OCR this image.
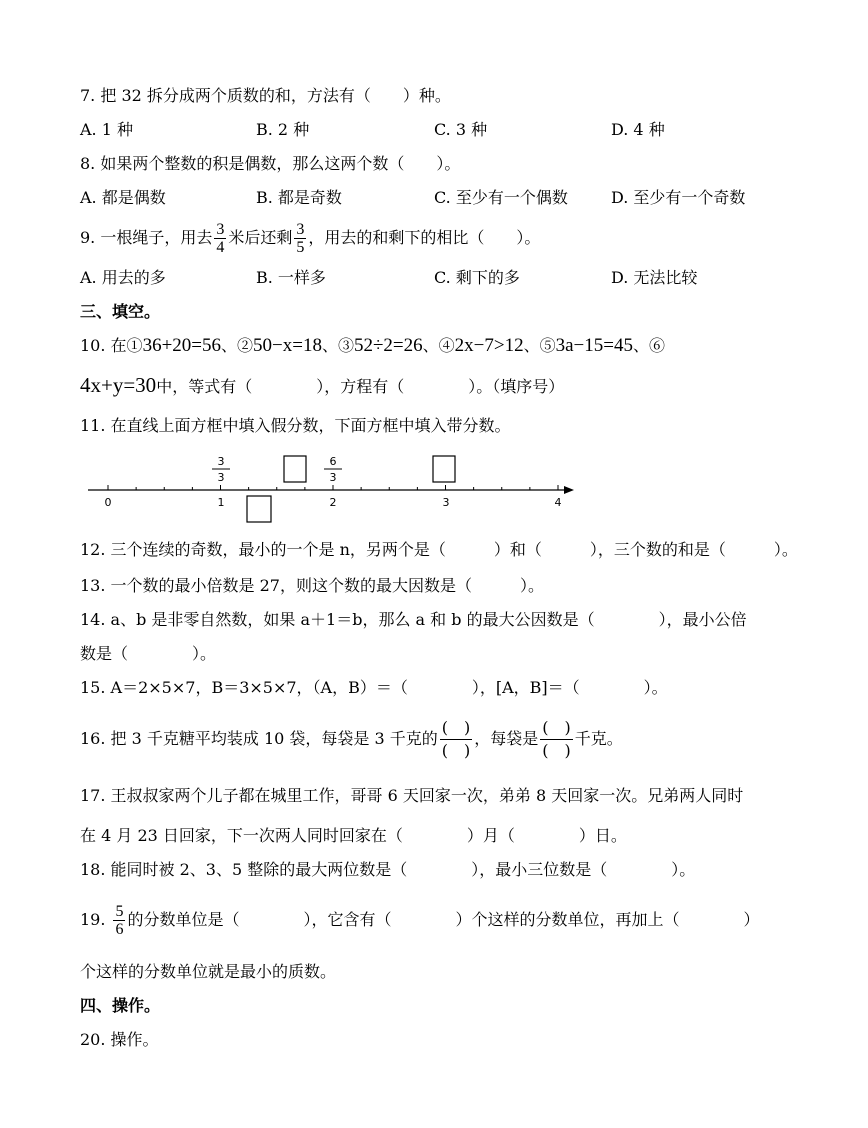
7. 把 32 拆分成两个质数的和，方法有（　　）种。
A. 1 种	B. 2 种	C. 3 种	D. 4 种
8. 如果两个整数的积是偶数，那么这两个数（　　）。
A. 都是偶数	B. 都是奇数	C. 至少有一个偶数	D. 至少有一个奇数
9. 一根绳子，用去 $\frac{3}{4}$ 米后还剩 $\frac{3}{5}$ ，用去的和剩下的相比（　　）。
A. 用去的多	B. 一样多	C. 剩下的多	D. 无法比较
三、填空。
10. 在①36+20=56、②50−x=18、③52÷2=26、④2x−7>12、⑤3a−15=45、⑥
4x+y=30中，等式有（　　　　），方程有（　　　　）。（填序号）
11. 在直线上面方框中填入假分数，下面方框中填入带分数。
0	1	2	3	4
3
3
6
3
12. 三个连续的奇数，最小的一个是 n，另两个是（　　　）和（　　　），三个数的和是（　　　）。
13. 一个数的最小倍数是 27，则这个数的最大因数是（　　　）。
14. a、b 是非零自然数，如果 a＋1＝b，那么 a 和 b 的最大公因数是（　　　　），最小公倍
数是（　　　　）。
15. A＝2×5×7，B＝3×5×7，（A，B）＝（　　　　），[A，B]＝（　　　　）。
16. 把 3 千克糖平均装成 10 袋，每袋是 3 千克的 $\frac{( )}{( )}$ ，每袋是 $\frac{( )}{( )}$ 千克。
17. 王叔叔家两个儿子都在城里工作，哥哥 6 天回家一次，弟弟 8 天回家一次。兄弟两人同时
在 4 月 23 日回家，下一次两人同时回家在（　　　　）月（　　　　）日。
18. 能同时被 2、3、5 整除的最大两位数是（　　　　），最小三位数是（　　　　）。
19. $\frac{5}{6}$ 的分数单位是（　　　　），它含有（　　　　）个这样的分数单位，再加上（　　　　）
个这样的分数单位就是最小的质数。
四、操作。
20. 操作。
